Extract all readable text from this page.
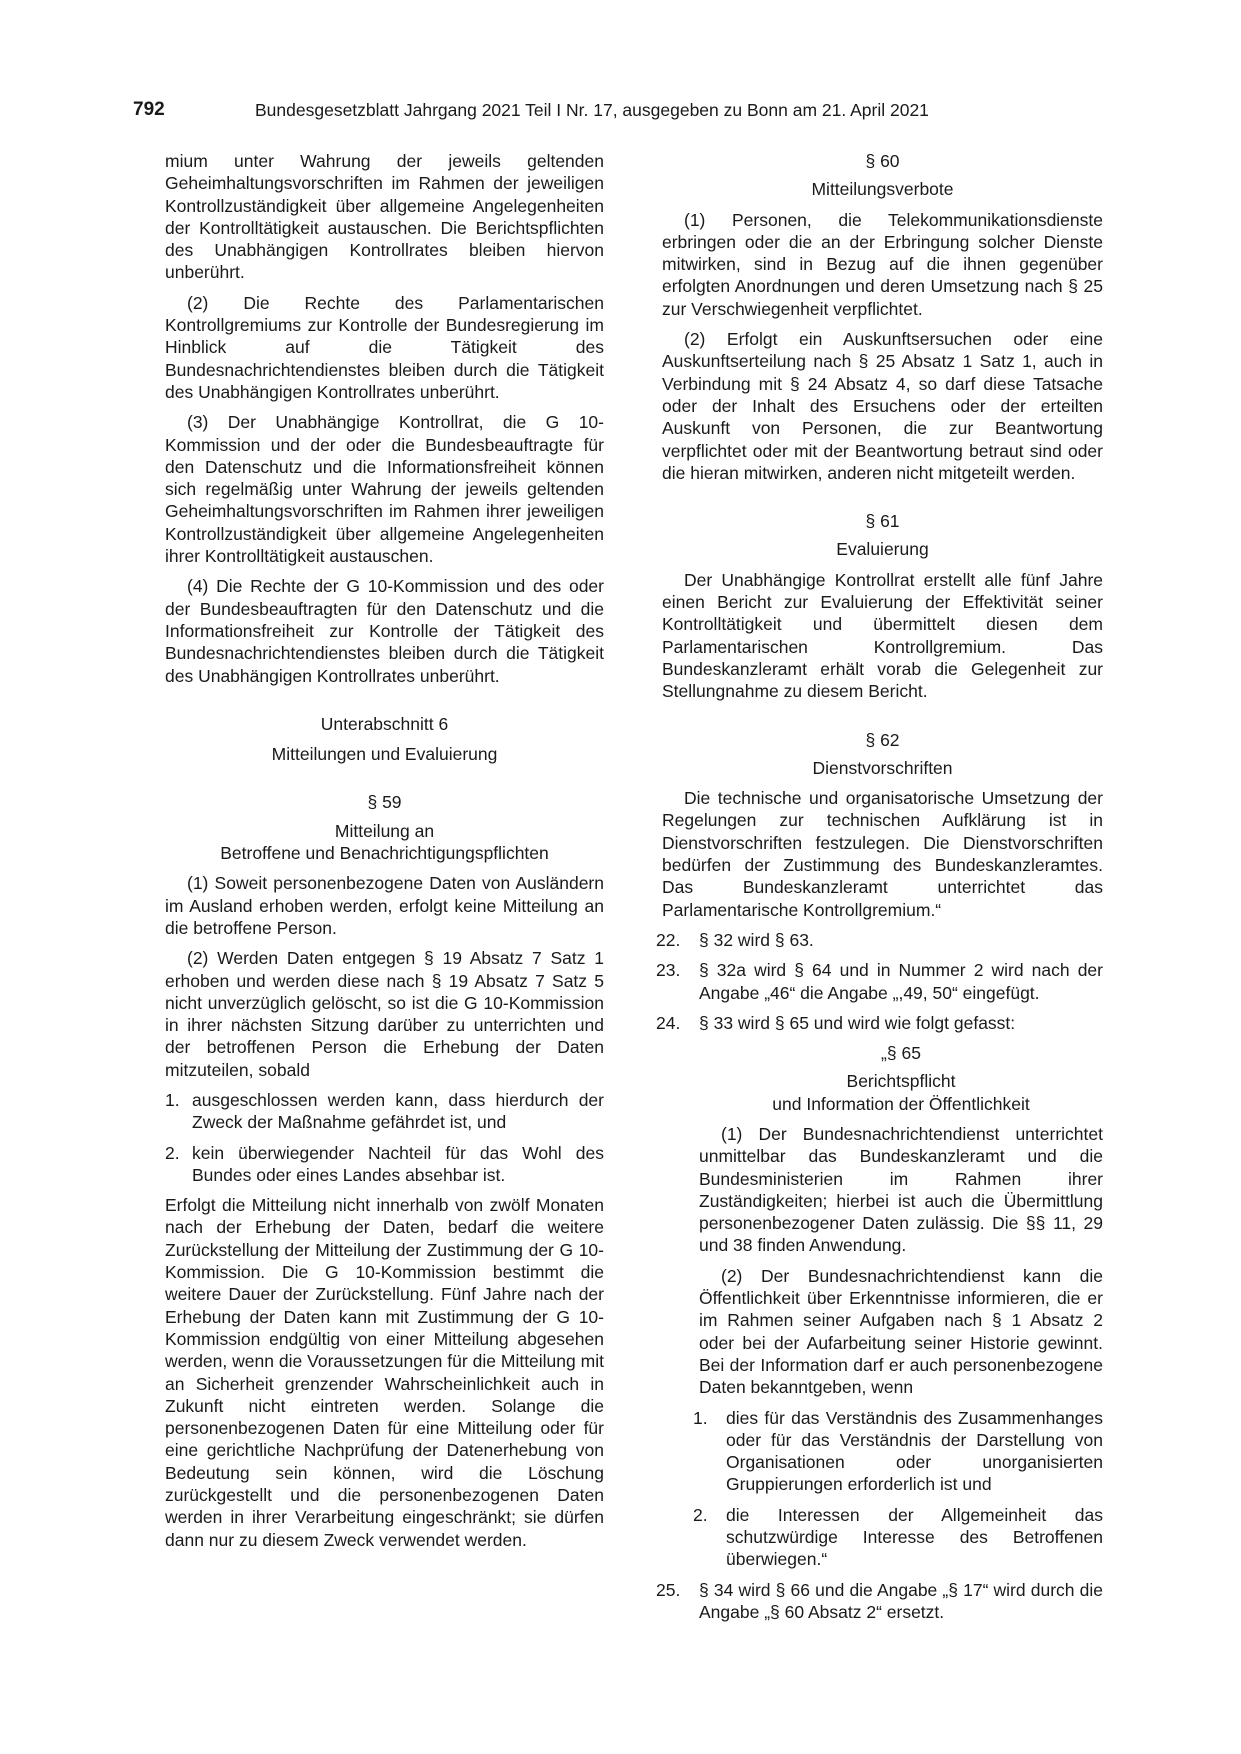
792	Bundesgesetzblatt Jahrgang 2021 Teil I Nr. 17, ausgegeben zu Bonn am 21. April 2021

mium unter Wahrung der jeweils geltenden Geheimhaltungsvorschriften im Rahmen der jeweiligen Kontrollzuständigkeit über allgemeine Angelegenheiten der Kontrolltätigkeit austauschen. Die Berichtspflichten des Unabhängigen Kontrollrates bleiben hiervon unberührt.

(2) Die Rechte des Parlamentarischen Kontrollgremiums zur Kontrolle der Bundesregierung im Hinblick auf die Tätigkeit des Bundesnachrichtendienstes bleiben durch die Tätigkeit des Unabhängigen Kontrollrates unberührt.

(3) Der Unabhängige Kontrollrat, die G 10-Kommission und der oder die Bundesbeauftragte für den Datenschutz und die Informationsfreiheit können sich regelmäßig unter Wahrung der jeweils geltenden Geheimhaltungsvorschriften im Rahmen ihrer jeweiligen Kontrollzuständigkeit über allgemeine Angelegenheiten ihrer Kontrolltätigkeit austauschen.

(4) Die Rechte der G 10-Kommission und des oder der Bundesbeauftragten für den Datenschutz und die Informationsfreiheit zur Kontrolle der Tätigkeit des Bundesnachrichtendienstes bleiben durch die Tätigkeit des Unabhängigen Kontrollrates unberührt.

Unterabschnitt 6
Mitteilungen und Evaluierung
§ 59
Mitteilung an
Betroffene und Benachrichtigungspflichten

(1) Soweit personenbezogene Daten von Ausländern im Ausland erhoben werden, erfolgt keine Mitteilung an die betroffene Person.

(2) Werden Daten entgegen § 19 Absatz 7 Satz 1 erhoben und werden diese nach § 19 Absatz 7 Satz 5 nicht unverzüglich gelöscht, so ist die G 10-Kommission in ihrer nächsten Sitzung darüber zu unterrichten und der betroffenen Person die Erhebung der Daten mitzuteilen, sobald

1. ausgeschlossen werden kann, dass hierdurch der Zweck der Maßnahme gefährdet ist, und
2. kein überwiegender Nachteil für das Wohl des Bundes oder eines Landes absehbar ist.

Erfolgt die Mitteilung nicht innerhalb von zwölf Monaten nach der Erhebung der Daten, bedarf die weitere Zurückstellung der Mitteilung der Zustimmung der G 10-Kommission. Die G 10-Kommission bestimmt die weitere Dauer der Zurückstellung. Fünf Jahre nach der Erhebung der Daten kann mit Zustimmung der G 10-Kommission endgültig von einer Mitteilung abgesehen werden, wenn die Voraussetzungen für die Mitteilung mit an Sicherheit grenzender Wahrscheinlichkeit auch in Zukunft nicht eintreten werden. Solange die personenbezogenen Daten für eine Mitteilung oder für eine gerichtliche Nachprüfung der Datenerhebung von Bedeutung sein können, wird die Löschung zurückgestellt und die personenbezogenen Daten werden in ihrer Verarbeitung eingeschränkt; sie dürfen dann nur zu diesem Zweck verwendet werden.

§ 60
Mitteilungsverbote

(1) Personen, die Telekommunikationsdienste erbringen oder die an der Erbringung solcher Dienste mitwirken, sind in Bezug auf die ihnen gegenüber erfolgten Anordnungen und deren Umsetzung nach § 25 zur Verschwiegenheit verpflichtet.

(2) Erfolgt ein Auskunftsersuchen oder eine Auskunftserteilung nach § 25 Absatz 1 Satz 1, auch in Verbindung mit § 24 Absatz 4, so darf diese Tatsache oder der Inhalt des Ersuchens oder der erteilten Auskunft von Personen, die zur Beantwortung verpflichtet oder mit der Beantwortung betraut sind oder die hieran mitwirken, anderen nicht mitgeteilt werden.

§ 61
Evaluierung

Der Unabhängige Kontrollrat erstellt alle fünf Jahre einen Bericht zur Evaluierung der Effektivität seiner Kontrolltätigkeit und übermittelt diesen dem Parlamentarischen Kontrollgremium. Das Bundeskanzleramt erhält vorab die Gelegenheit zur Stellungnahme zu diesem Bericht.

§ 62
Dienstvorschriften

Die technische und organisatorische Umsetzung der Regelungen zur technischen Aufklärung ist in Dienstvorschriften festzulegen. Die Dienstvorschriften bedürfen der Zustimmung des Bundeskanzleramtes. Das Bundeskanzleramt unterrichtet das Parlamentarische Kontrollgremium.“

22. § 32 wird § 63.
23. § 32a wird § 64 und in Nummer 2 wird nach der Angabe „46“ die Angabe „,49, 50“ eingefügt.
24. § 33 wird § 65 und wird wie folgt gefasst:
„§ 65
Berichtspflicht
und Information der Öffentlichkeit

(1) Der Bundesnachrichtendienst unterrichtet unmittelbar das Bundeskanzleramt und die Bundesministerien im Rahmen ihrer Zuständigkeiten; hierbei ist auch die Übermittlung personenbezogener Daten zulässig. Die §§ 11, 29 und 38 finden Anwendung.

(2) Der Bundesnachrichtendienst kann die Öffentlichkeit über Erkenntnisse informieren, die er im Rahmen seiner Aufgaben nach § 1 Absatz 2 oder bei der Aufarbeitung seiner Historie gewinnt. Bei der Information darf er auch personenbezogene Daten bekanntgeben, wenn

1. dies für das Verständnis des Zusammenhanges oder für das Verständnis der Darstellung von Organisationen oder unorganisierten Gruppierungen erforderlich ist und
2. die Interessen der Allgemeinheit das schutzwürdige Interesse des Betroffenen überwiegen.“
25. § 34 wird § 66 und die Angabe „§ 17“ wird durch die Angabe „§ 60 Absatz 2“ ersetzt.
